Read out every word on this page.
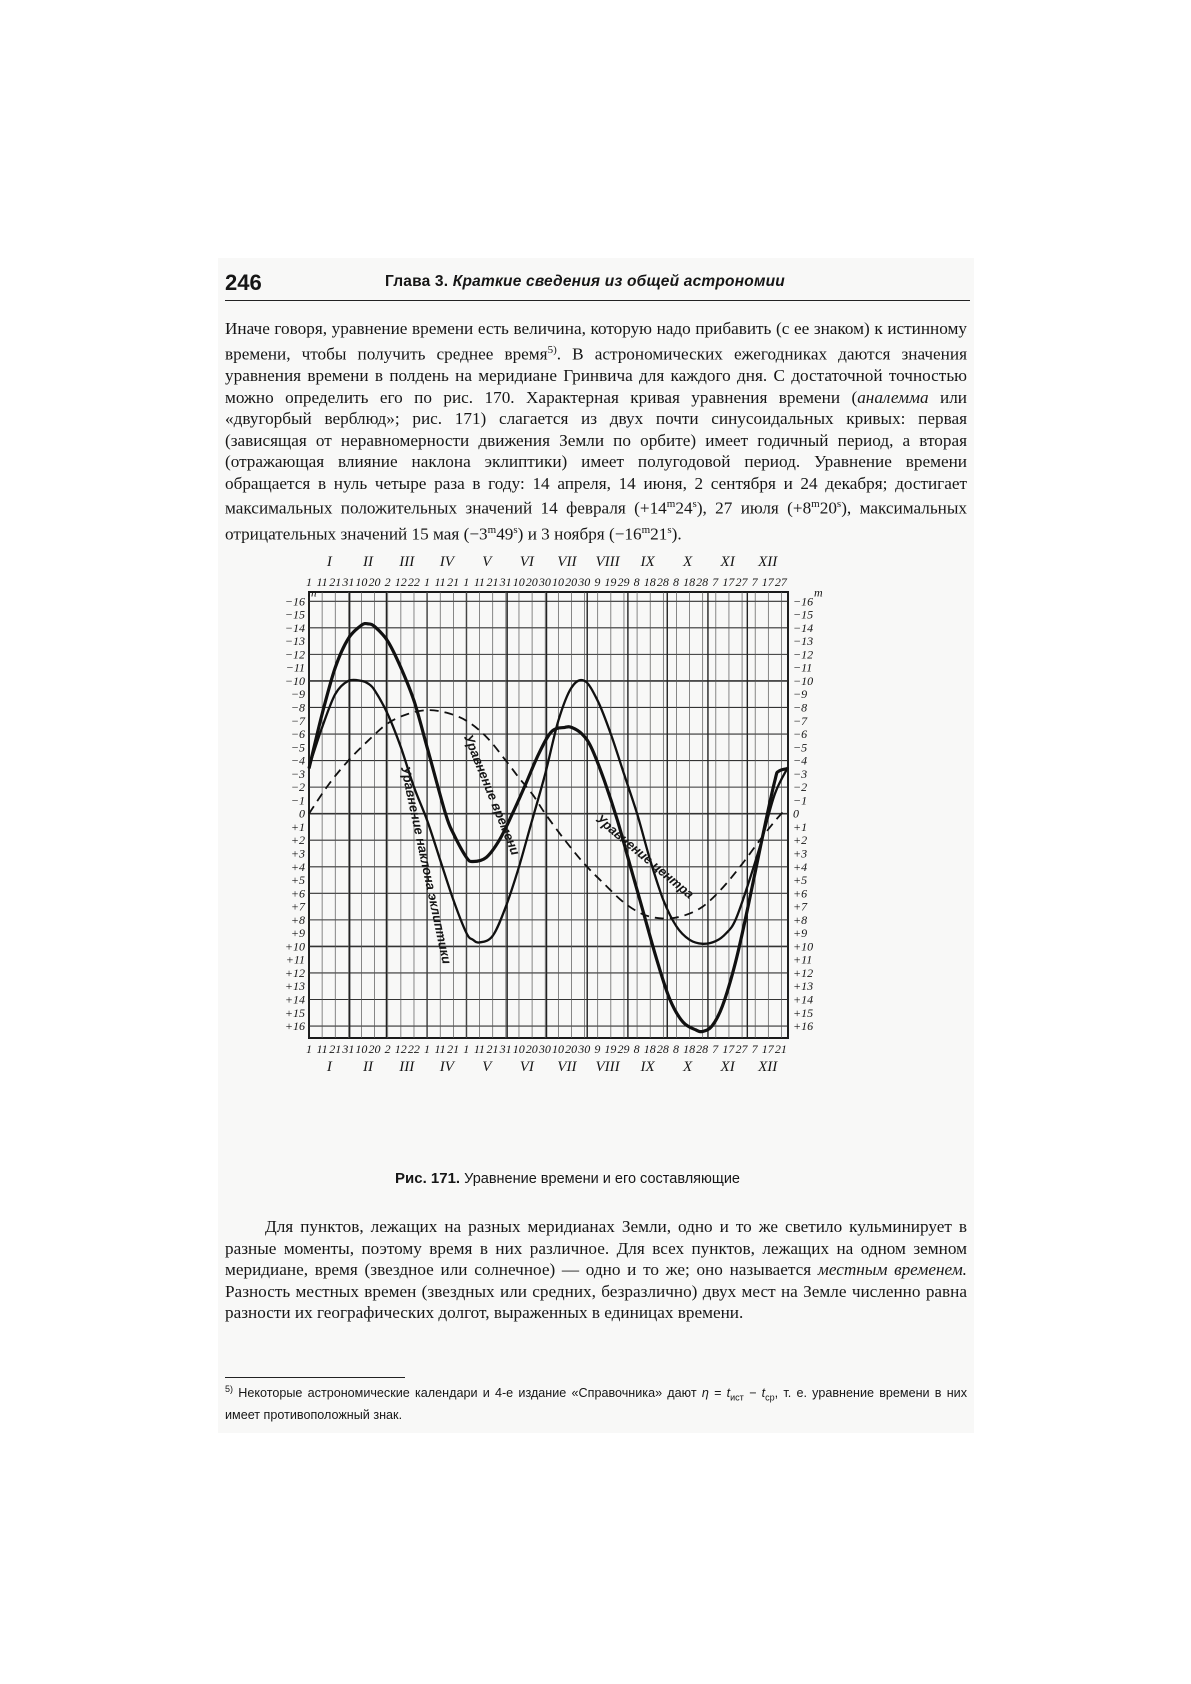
246	Глава 3. Краткие сведения из общей астрономии
Иначе говоря, уравнение времени есть величина, которую надо прибавить (с ее знаком) к истинному времени, чтобы получить среднее время$^{5)}$. В астрономических ежегодниках даются значения уравнения времени в полдень на меридиане Гринвича для каждого дня. С достаточной точностью можно определить его по рис. 170. Характерная кривая уравнения времени (аналемма или «двугорбый верблюд»; рис. 171) слагается из двух почти синусоидальных кривых: первая (зависящая от неравномерности движения Земли по орбите) имеет годичный период, а вторая (отражающая влияние наклона эклиптики) имеет полугодовой период. Уравнение времени обращается в нуль четыре раза в году: 14 апреля, 14 июня, 2 сентября и 24 декабря; достигает максимальных положительных значений 14 февраля $(+14^m24^s)$, 27 июля $(+8^m20^s)$, максимальных отрицательных значений 15 мая $(-3^m49^s)$ и 3 ноября $(-16^m21^s)$.
−16	−16
−15	−15
−14	−14
−13	−13
−12	−12
−11	−11
−10	−10
−9	−9
−8	−8
−7	−7
−6	−6
−5	−5
−4	−4
−3	−3
−2	−2
−1	−1
0	0
+1	+1
+2	+2
+3	+3
+4	+4
+5	+5
+6	+6
+7	+7
+8	+8
+9	+9
+10	+10
+11	+11
+12	+12
+13	+13
+14	+14
+15	+15
+16	+16
m	m
I II III IV V VI VII VIII IX X XI XII
I II III IV V VI VII VIII IX X XI XII
1 11 21 31 10 20 2 12 22 1 11 21 1 11 21 31 10 20 30 10 20 30 9 19 29 8 18 28 8 18 28 7 17 27 7 17 27
1 11 21 31 10 20 2 12 22 1 11 21 1 11 21 31 10 20 30 10 20 30 9 19 29 8 18 28 8 18 28 7 17 27 7 17 21
Уравнение времени
Уравнение наклона эклиптики	Уравнение центра
Рис. 171. Уравнение времени и его составляющие
Для пунктов, лежащих на разных меридианах Земли, одно и то же светило кульминирует в разные моменты, поэтому время в них различное. Для всех пунктов, лежащих на одном земном меридиане, время (звездное или солнечное) — одно и то же; оно называется местным временем. Разность местных времен (звездных или средних, безразлично) двух мест на Земле численно равна разности их географических долгот, выраженных в единицах времени.
$^{5)}$ Некоторые астрономические календари и 4-е издание «Справочника» дают $\eta = t_{ист} - t_{ср}$, т. е. уравнение времени в них имеет противоположный знак.
